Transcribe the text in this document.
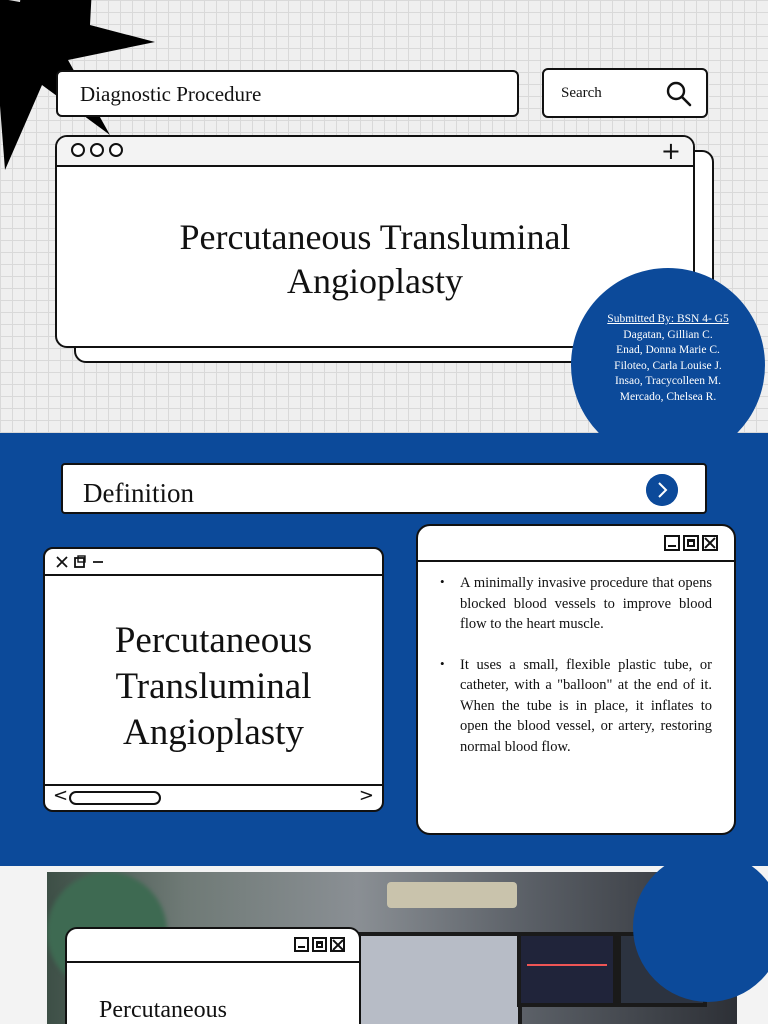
Diagnostic Procedure	Search
+
Percutaneous Transluminal
Angioplasty
Submitted By: BSN 4- G5
Dagatan, Gillian C.
Enad, Donna Marie C.
Filoteo, Carla Louise J.
Insao, Tracycolleen M.
Mercado, Chelsea R.
Definition
Percutaneous
Transluminal
Angioplasty
<	>
• A minimally invasive procedure that opens blocked blood vessels to improve blood flow to the heart muscle.
• It uses a small, flexible plastic tube, or catheter, with a "balloon" at the end of it. When the tube is in place, it inflates to open the blood vessel, or artery, restoring normal blood flow.
Percutaneous
